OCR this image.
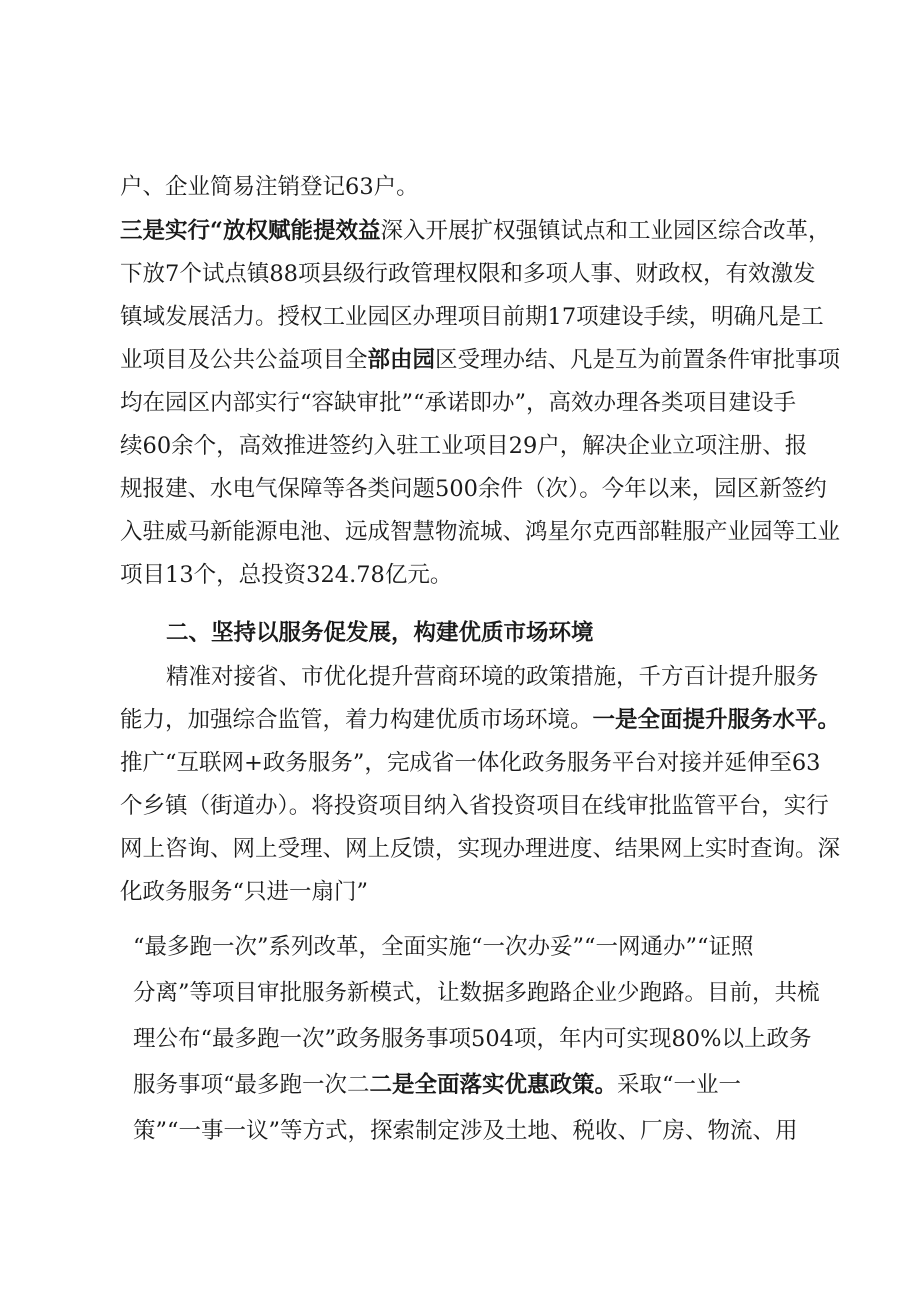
户、企业简易注销登记63户。
三是实行“放权赋能提效益深入开展扩权强镇试点和工业园区综合改革，
下放7个试点镇88项县级行政管理权限和多项人事、财政权，有效激发
镇域发展活力。授权工业园区办理项目前期17项建设手续，明确凡是工
业项目及公共公益项目全部由园区受理办结、凡是互为前置条件审批事项
均在园区内部实行“容缺审批”“承诺即办”，高效办理各类项目建设手
续60余个，高效推进签约入驻工业项目29户，解决企业立项注册、报
规报建、水电气保障等各类问题500余件（次）。今年以来，园区新签约
入驻威马新能源电池、远成智慧物流城、鸿星尔克西部鞋服产业园等工业
项目13个，总投资324.78亿元。
二、坚持以服务促发展，构建优质市场环境
精准对接省、市优化提升营商环境的政策措施，千方百计提升服务
能力，加强综合监管，着力构建优质市场环境。一是全面提升服务水平。
推广“互联网+政务服务”，完成省一体化政务服务平台对接并延伸至63
个乡镇（街道办）。将投资项目纳入省投资项目在线审批监管平台，实行
网上咨询、网上受理、网上反馈，实现办理进度、结果网上实时查询。深
化政务服务“只进一扇门”
“最多跑一次”系列改革，全面实施“一次办妥”“一网通办”“证照
分离”等项目审批服务新模式，让数据多跑路企业少跑路。目前，共梳
理公布“最多跑一次”政务服务事项504项，年内可实现80%以上政务
服务事项“最多跑一次二二是全面落实优惠政策。采取“一业一
策”“一事一议”等方式，探索制定涉及土地、税收、厂房、物流、用
